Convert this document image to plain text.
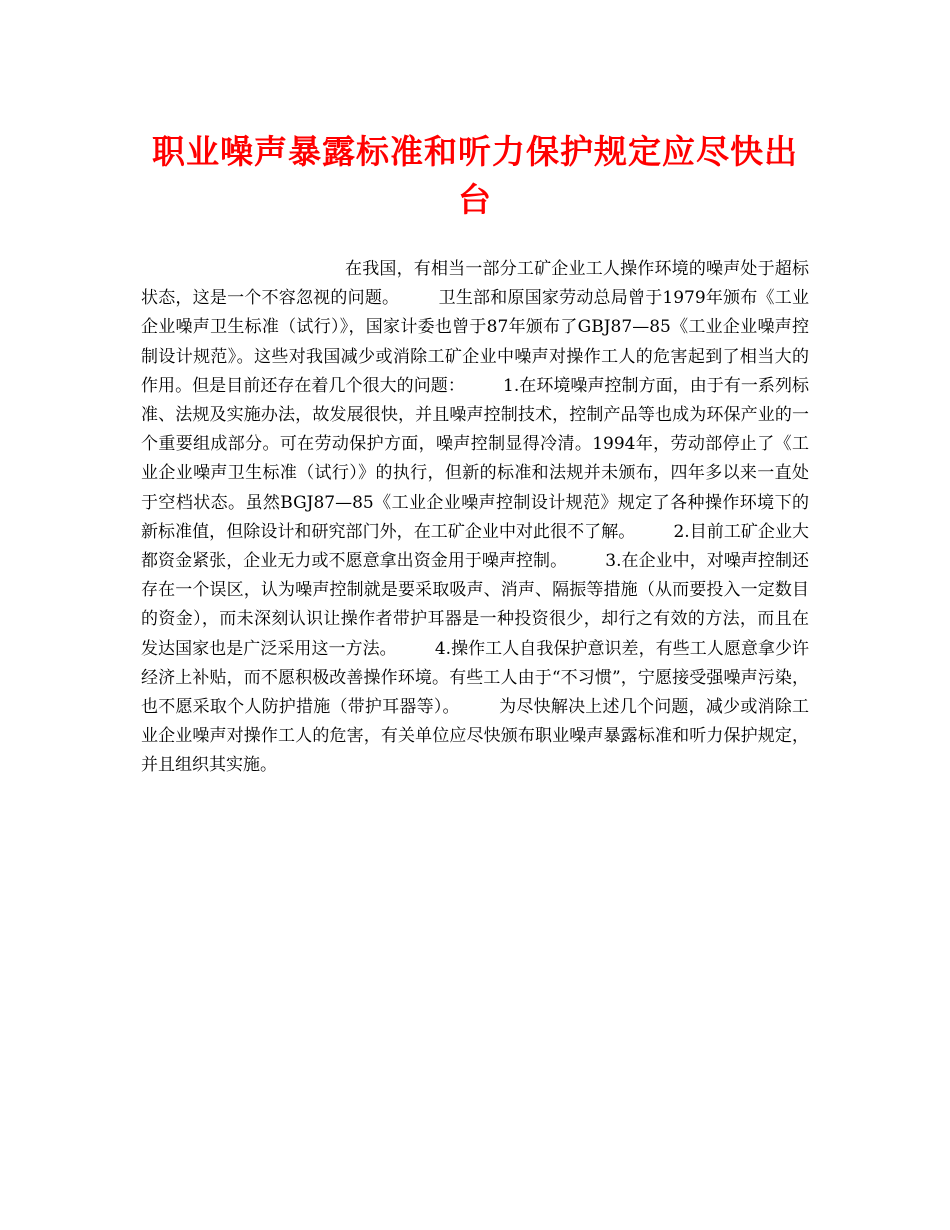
职业噪声暴露标准和听力保护规定应尽快出台

在我国，有相当一部分工矿企业工人操作环境的噪声处于超标状态，这是一个不容忽视的问题。       卫生部和原国家劳动总局曾于1979年颁布《工业企业噪声卫生标准（试行）》，国家计委也曾于87年颁布了GBJ87—85《工业企业噪声控制设计规范》。这些对我国减少或消除工矿企业中噪声对操作工人的危害起到了相当大的作用。但是目前还存在着几个很大的问题：       1.在环境噪声控制方面，由于有一系列标准、法规及实施办法，故发展很快，并且噪声控制技术，控制产品等也成为环保产业的一个重要组成部分。可在劳动保护方面，噪声控制显得冷清。1994年，劳动部停止了《工业企业噪声卫生标准（试行）》的执行，但新的标准和法规并未颁布，四年多以来一直处于空档状态。虽然BGJ87—85《工业企业噪声控制设计规范》规定了各种操作环境下的新标准值，但除设计和研究部门外，在工矿企业中对此很不了解。       2.目前工矿企业大都资金紧张，企业无力或不愿意拿出资金用于噪声控制。       3.在企业中，对噪声控制还存在一个误区，认为噪声控制就是要采取吸声、消声、隔振等措施（从而要投入一定数目的资金），而未深刻认识让操作者带护耳器是一种投资很少，却行之有效的方法，而且在发达国家也是广泛采用这一方法。       4.操作工人自我保护意识差，有些工人愿意拿少许经济上补贴，而不愿积极改善操作环境。有些工人由于“不习惯”，宁愿接受强噪声污染，也不愿采取个人防护措施（带护耳器等）。       为尽快解决上述几个问题，减少或消除工业企业噪声对操作工人的危害，有关单位应尽快颁布职业噪声暴露标准和听力保护规定，并且组织其实施。
